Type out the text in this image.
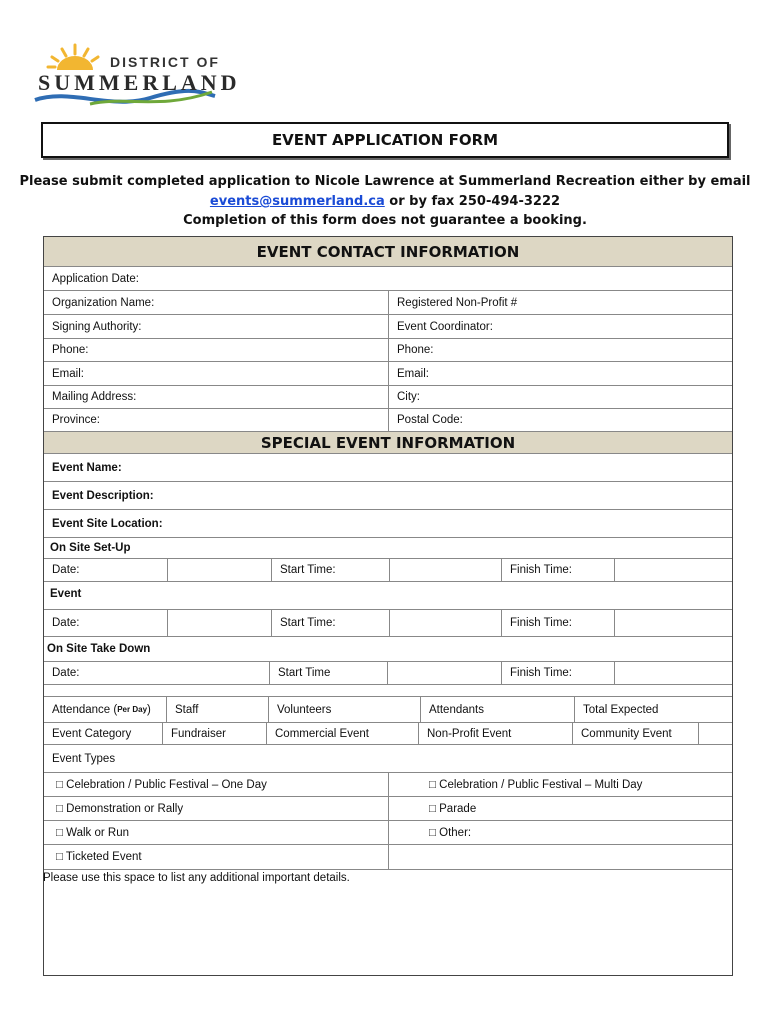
DISTRICT OF
SUMMERLAND
EVENT APPLICATION FORM
Please submit completed application to Nicole Lawrence at Summerland Recreation either by email
events@summerland.ca or by fax 250-494-3222
Completion of this form does not guarantee a booking.
EVENT CONTACT INFORMATION
Application Date:
Organization Name:	Registered Non-Profit #
Signing Authority:	Event Coordinator:
Phone:	Phone:
Email:	Email:
Mailing Address:	City:
Province:	Postal Code:
SPECIAL EVENT INFORMATION
Event Name:
Event Description:
Event Site Location:
On Site Set-Up
Date:	Start Time:	Finish Time:
Event
Date:	Start Time:	Finish Time:
On Site Take Down
Date:	Start Time	Finish Time:
Attendance ( Per Day )	Staff	Volunteers	Attendants	Total Expected
Event Category	Fundraiser	Commercial Event	Non-Profit Event	Community Event
Event Types
□ Celebration / Public Festival – One Day	□ Celebration / Public Festival – Multi Day
□ Demonstration or Rally	□ Parade
□ Walk or Run	□ Other:
□ Ticketed Event
Please use this space to list any additional important details.
